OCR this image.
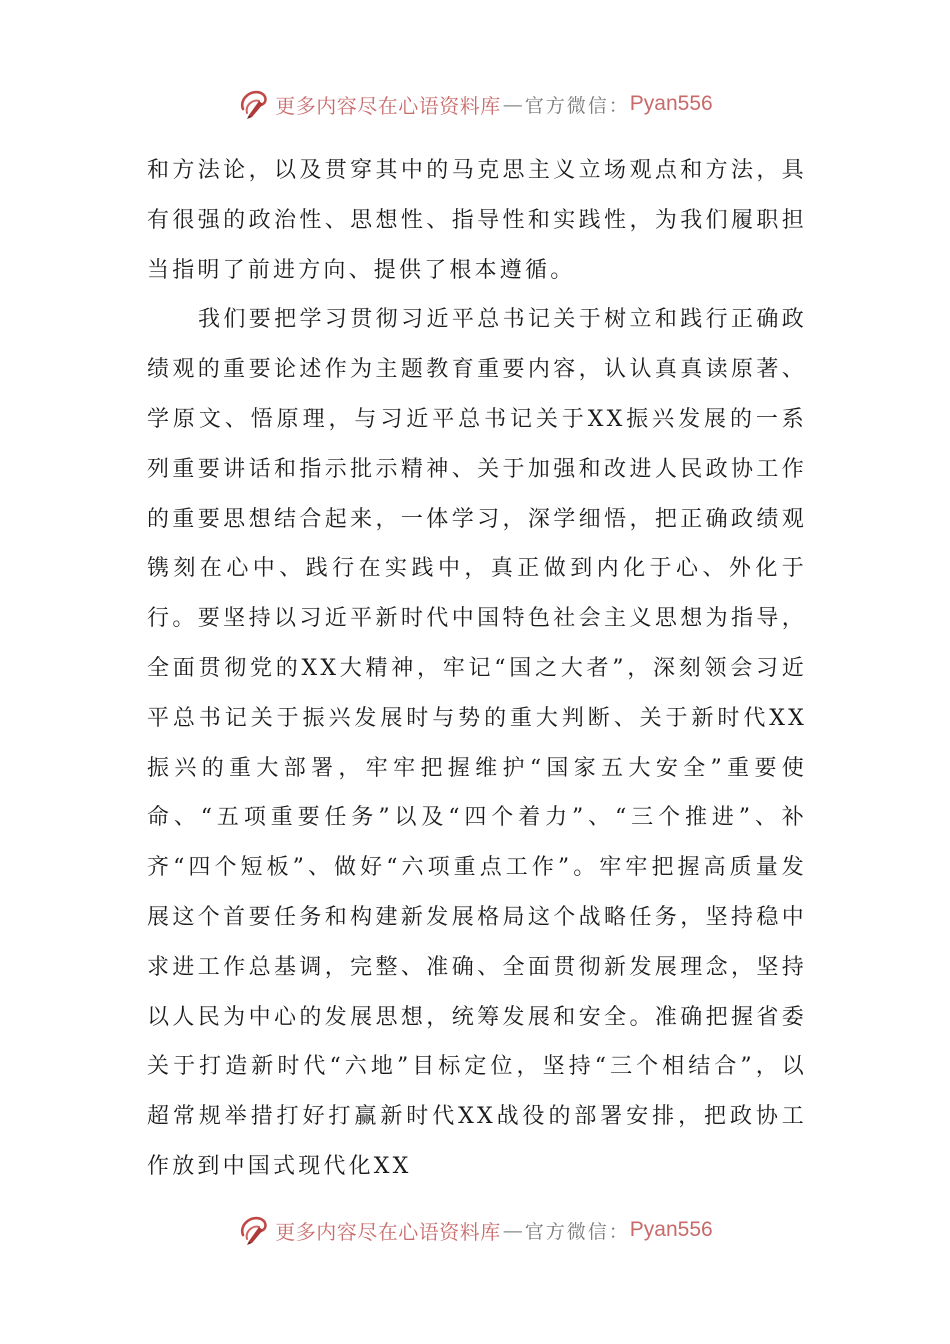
更多内容尽在心语资料库 — 官方微信： Pyan556

和方法论，以及贯穿其中的马克思主义立场观点和方法，具有很强的政治性、思想性、指导性和实践性，为我们履职担当指明了前进方向、提供了根本遵循。

我们要把学习贯彻习近平总书记关于树立和践行正确政绩观的重要论述作为主题教育重要内容，认认真真读原著、学原文、悟原理，与习近平总书记关于XX振兴发展的一系列重要讲话和指示批示精神、关于加强和改进人民政协工作的重要思想结合起来，一体学习，深学细悟，把正确政绩观镌刻在心中、践行在实践中，真正做到内化于心、外化于行。要坚持以习近平新时代中国特色社会主义思想为指导，全面贯彻党的XX大精神，牢记“国之大者”，深刻领会习近平总书记关于振兴发展时与势的重大判断、关于新时代XX振兴的重大部署，牢牢把握维护“国家五大安全”重要使命、“五项重要任务”以及“四个着力”、“三个推进”、补齐“四个短板”、做好“六项重点工作”。牢牢把握高质量发展这个首要任务和构建新发展格局这个战略任务，坚持稳中求进工作总基调，完整、准确、全面贯彻新发展理念，坚持以人民为中心的发展思想，统筹发展和安全。准确把握省委关于打造新时代“六地”目标定位，坚持“三个相结合”，以超常规举措打好打赢新时代XX战役的部署安排，把政协工作放到中国式现代化XX

更多内容尽在心语资料库 — 官方微信： Pyan556
